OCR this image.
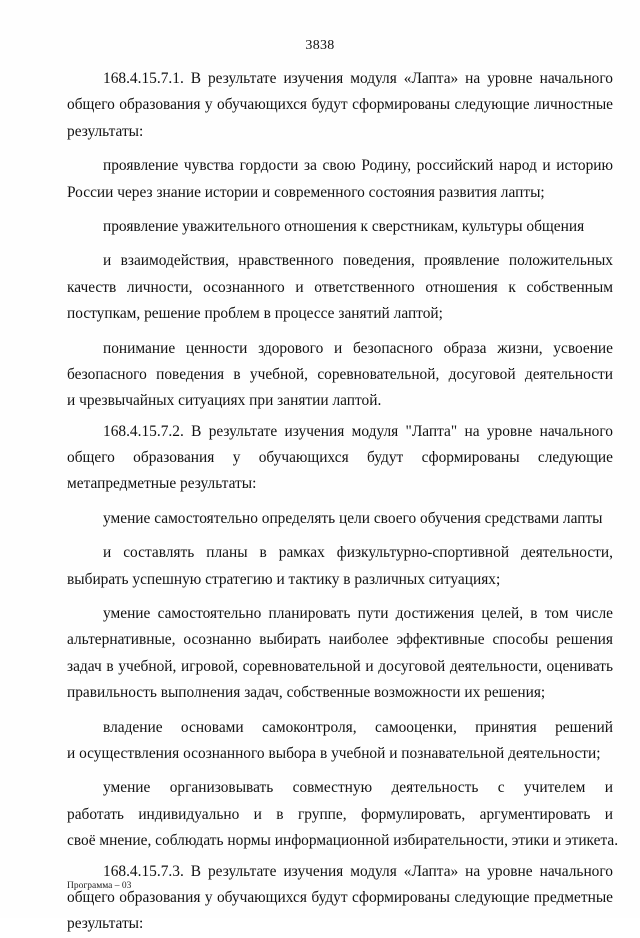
3838
168.4.15.7.1. В результате изучения модуля «Лапта» на уровне начального
общего образования у обучающихся будут сформированы следующие личностные
результаты:
проявление чувства гордости за свою Родину, российский народ и историю
России через знание истории и современного состояния развития лапты;
проявление уважительного отношения к сверстникам, культуры общения
и взаимодействия, нравственного поведения, проявление положительных
качеств личности, осознанного и ответственного отношения к собственным
поступкам, решение проблем в процессе занятий лаптой;
понимание ценности здорового и безопасного образа жизни, усвоение
безопасного поведения в учебной, соревновательной, досуговой деятельности
и чрезвычайных ситуациях при занятии лаптой.
168.4.15.7.2. В результате изучения модуля "Лапта" на уровне начального
общего образования у обучающихся будут сформированы следующие
метапредметные результаты:
умение самостоятельно определять цели своего обучения средствами лапты
и составлять планы в рамках физкультурно-спортивной деятельности,
выбирать успешную стратегию и тактику в различных ситуациях;
умение самостоятельно планировать пути достижения целей, в том числе
альтернативные, осознанно выбирать наиболее эффективные способы решения
задач в учебной, игровой, соревновательной и досуговой деятельности, оценивать
правильность выполнения задач, собственные возможности их решения;
владение основами самоконтроля, самооценки, принятия решений
и осуществления осознанного выбора в учебной и познавательной деятельности;
умение организовывать совместную деятельность с учителем и
работать индивидуально и в группе, формулировать, аргументировать и
своё мнение, соблюдать нормы информационной избирательности, этики и этикета.
168.4.15.7.3. В результате изучения модуля «Лапта» на уровне начального
общего образования у обучающихся будут сформированы следующие предметные
результаты:
Программа – 03
